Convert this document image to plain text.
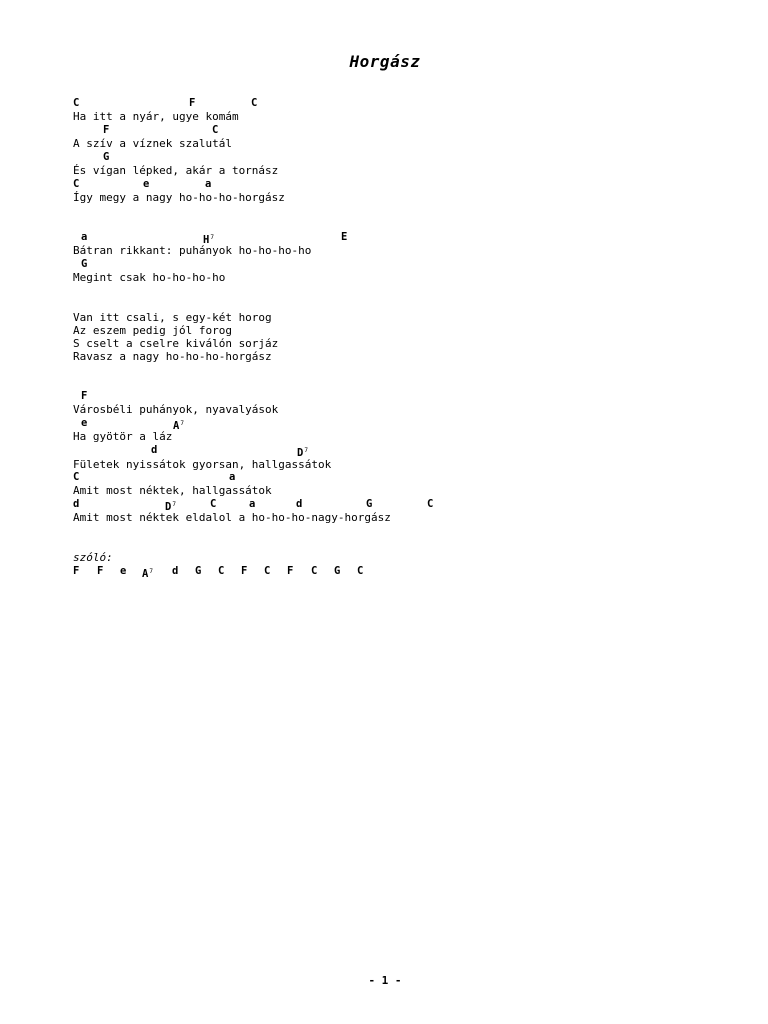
Horgász
C	F	C
Ha itt a nyár, ugye komám
F	C
A szív a víznek szalutál
G
És vígan lépked, akár a tornász
C	e	a
Így megy a nagy ho-ho-ho-horgász
a	$H^7$	E
Bátran rikkant: puhányok ho-ho-ho-ho
G
Megint csak ho-ho-ho-ho
Van itt csali, s egy-két horog
Az eszem pedig jól forog
S cselt a cselre kiválón sorjáz
Ravasz a nagy ho-ho-ho-horgász
F
Városbéli puhányok, nyavalyások
e	$A^7$
Ha gyötör a láz
d	$D^7$
Fületek nyissátok gyorsan, hallgassátok
C	a
Amit most néktek, hallgassátok
d	$D^7$	C	a	d	G	C
Amit most néktek eldalol a ho-ho-ho-nagy-horgász
szóló:
F F e $A^7$ d G C F C F C G C
- 1 -
